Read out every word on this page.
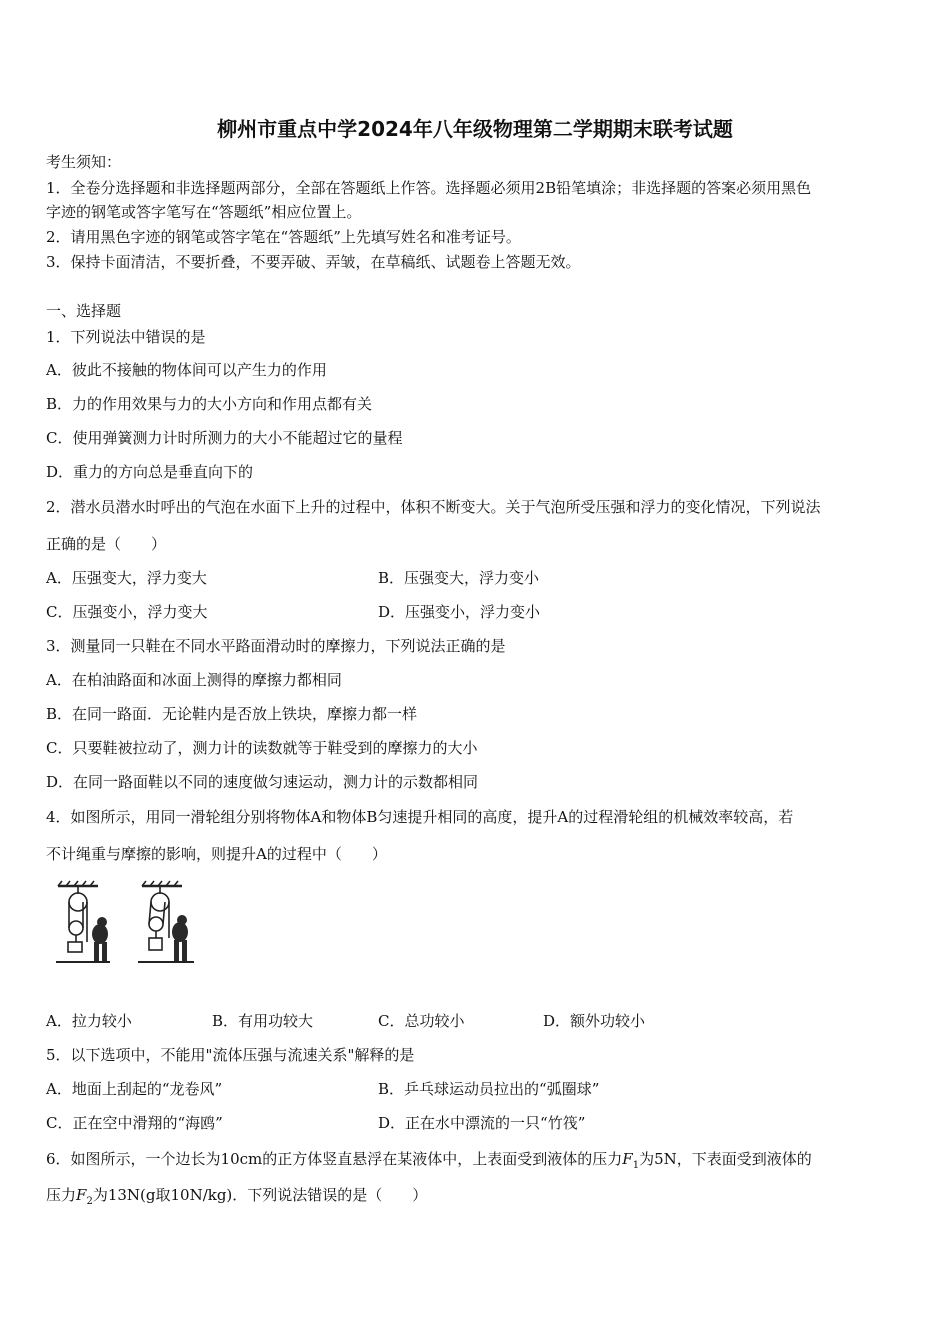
柳州市重点中学2024年八年级物理第二学期期末联考试题
考生须知：
1．全卷分选择题和非选择题两部分，全部在答题纸上作答。选择题必须用2B铅笔填涂；非选择题的答案必须用黑色
字迹的钢笔或答字笔写在“答题纸”相应位置上。
2．请用黑色字迹的钢笔或答字笔在“答题纸”上先填写姓名和准考证号。
3．保持卡面清洁，不要折叠，不要弄破、弄皱，在草稿纸、试题卷上答题无效。
一、选择题
1．下列说法中错误的是
A．彼此不接触的物体间可以产生力的作用
B．力的作用效果与力的大小方向和作用点都有关
C．使用弹簧测力计时所测力的大小不能超过它的量程
D．重力的方向总是垂直向下的
2．潜水员潜水时呼出的气泡在水面下上升的过程中，体积不断变大。关于气泡所受压强和浮力的变化情况，下列说法
正确的是（　　）
A．压强变大，浮力变大	B．压强变大，浮力变小
C．压强变小，浮力变大	D．压强变小，浮力变小
3．测量同一只鞋在不同水平路面滑动时的摩擦力，下列说法正确的是
A．在柏油路面和冰面上测得的摩擦力都相同
B．在同一路面．无论鞋内是否放上铁块，摩擦力都一样
C．只要鞋被拉动了，测力计的读数就等于鞋受到的摩擦力的大小
D．在同一路面鞋以不同的速度做匀速运动，测力计的示数都相同
4．如图所示，用同一滑轮组分别将物体A和物体B匀速提升相同的高度，提升A的过程滑轮组的机械效率较高，若
不计绳重与摩擦的影响，则提升A的过程中（　　）
A．拉力较小	B．有用功较大	C．总功较小	D．额外功较小
5．以下选项中，不能用"流体压强与流速关系"解释的是
A．地面上刮起的“龙卷风”	B．乒乓球运动员拉出的“弧圈球”
C．正在空中滑翔的“海鸥”	D．正在水中漂流的一只“竹筏”
6．如图所示，一个边长为10cm的正方体竖直悬浮在某液体中，上表面受到液体的压力$F_1$为5N，下表面受到液体的
压力$F_2$为13N(g取10N/kg)．下列说法错误的是（　　）
